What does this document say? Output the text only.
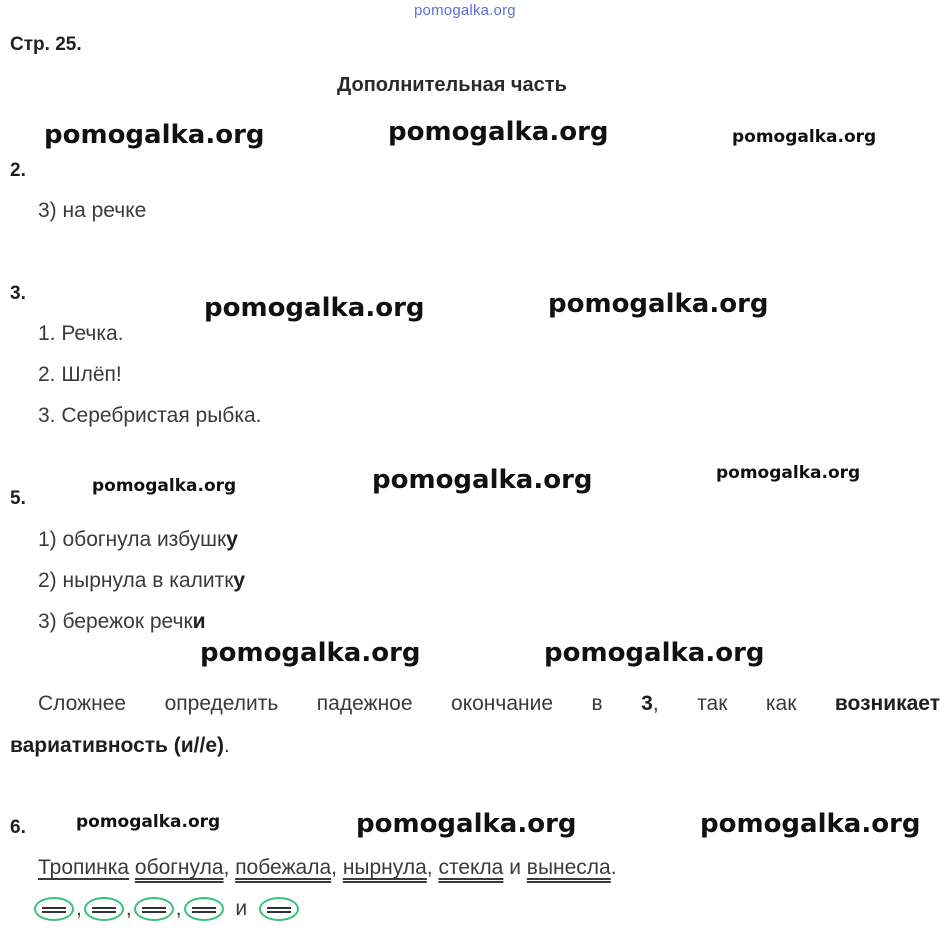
pomogalka.org
Стр. 25.
Дополнительная часть
pomogalka.org	pomogalka.org	pomogalka.org
2.
3) на речке
3.	pomogalka.org	pomogalka.org
1. Речка.
2. Шлёп!
3. Серебристая рыбка.
pomogalka.org	pomogalka.org	pomogalka.org
5.
1) обогнула избушку
2) нырнула в калитку
3) бережок речки
pomogalka.org	pomogalka.org
Сложнее определить падежное окончание в 3, так как возникает
вариативность (и//е).
6.	pomogalka.org	pomogalka.org	pomogalka.org
Тропинка обогнула, побежала, нырнула, стекла и вынесла.
, , ,	и
